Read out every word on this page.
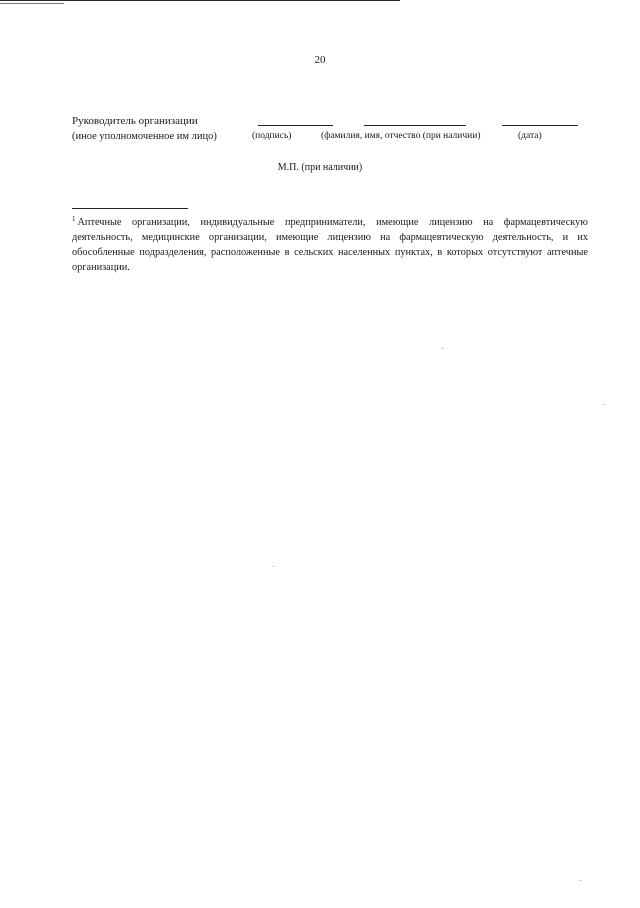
20
Руководитель организации
(иное уполномоченное им лицо)	(подпись)	(фамилия, имя, отчество (при наличии)	(дата)
М.П. (при наличии)
$^1$ Аптечные организации, индивидуальные предприниматели, имеющие лицензию на фармацевтическую деятельность, медицинские организации, имеющие лицензию на фармацевтическую деятельность, и их обособленные подразделения, расположенные в сельских населенных пунктах, в которых отсутствуют аптечные организации.
